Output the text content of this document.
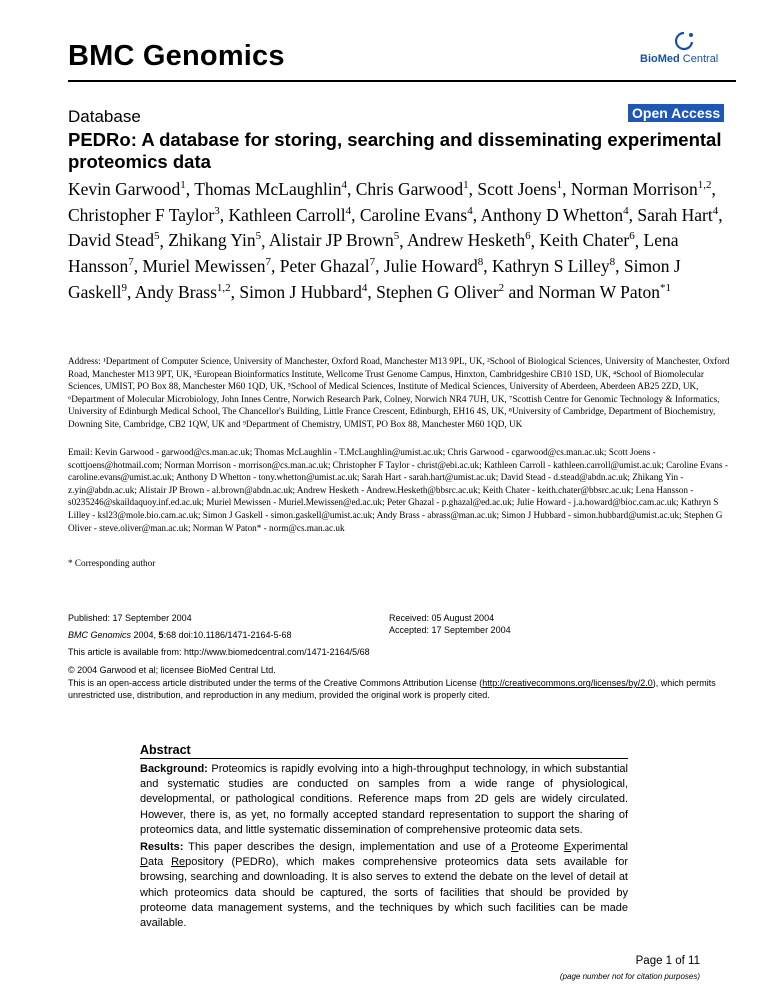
BMC Genomics	BioMed Central
Database	Open Access
PEDRo: A database for storing, searching and disseminating experimental proteomics data

Kevin Garwood$^1$, Thomas McLaughlin$^4$, Chris Garwood$^1$, Scott Joens$^1$, Norman Morrison$^{1,2}$, Christopher F Taylor$^3$, Kathleen Carroll$^4$, Caroline Evans$^4$, Anthony D Whetton$^4$, Sarah Hart$^4$, David Stead$^5$, Zhikang Yin$^5$, Alistair JP Brown$^5$, Andrew Hesketh$^6$, Keith Chater$^6$, Lena Hansson$^7$, Muriel Mewissen$^7$, Peter Ghazal$^7$, Julie Howard$^8$, Kathryn S Lilley$^8$, Simon J Gaskell$^9$, Andy Brass$^{1,2}$, Simon J Hubbard$^4$, Stephen G Oliver$^2$ and Norman W Paton$^{*1}$

Address: ¹Department of Computer Science, University of Manchester, Oxford Road, Manchester M13 9PL, UK, ²School of Biological Sciences, University of Manchester, Oxford Road, Manchester M13 9PT, UK, ³European Bioinformatics Institute, Wellcome Trust Genome Campus, Hinxton, Cambridgeshire CB10 1SD, UK, ⁴School of Biomolecular Sciences, UMIST, PO Box 88, Manchester M60 1QD, UK, ⁵School of Medical Sciences, Institute of Medical Sciences, University of Aberdeen, Aberdeen AB25 2ZD, UK, ⁶Department of Molecular Microbiology, John Innes Centre, Norwich Research Park, Colney, Norwich NR4 7UH, UK, ⁷Scottish Centre for Genomic Technology & Informatics, University of Edinburgh Medical School, The Chancellor's Building, Little France Crescent, Edinburgh, EH16 4S, UK, ⁸University of Cambridge, Department of Biochemistry, Downing Site, Cambridge, CB2 1QW, UK and ⁹Department of Chemistry, UMIST, PO Box 88, Manchester M60 1QD, UK
Email: Kevin Garwood - garwood@cs.man.ac.uk; Thomas McLaughlin - T.McLaughlin@umist.ac.uk; Chris Garwood - cgarwood@cs.man.ac.uk; Scott Joens - scottjoens@hotmail.com; Norman Morrison - morrison@cs.man.ac.uk; Christopher F Taylor - christ@ebi.ac.uk; Kathleen Carroll - kathleen.carroll@umist.ac.uk; Caroline Evans - caroline.evans@umist.ac.uk; Anthony D Whetton - tony.whetton@umist.ac.uk; Sarah Hart - sarah.hart@umist.ac.uk; David Stead - d.stead@abdn.ac.uk; Zhikang Yin - z.yin@abdn.ac.uk; Alistair JP Brown - al.brown@abdn.ac.uk; Andrew Hesketh - Andrew.Hesketh@bbsrc.ac.uk; Keith Chater - keith.chater@bbsrc.ac.uk; Lena Hansson - s0235246@skaildaquoy.inf.ed.ac.uk; Muriel Mewissen - Muriel.Mewissen@ed.ac.uk; Peter Ghazal - p.ghazal@ed.ac.uk; Julie Howard - j.a.howard@bioc.cam.ac.uk; Kathryn S Lilley - ksl23@mole.bio.cam.ac.uk; Simon J Gaskell - simon.gaskell@umist.ac.uk; Andy Brass - abrass@man.ac.uk; Simon J Hubbard - simon.hubbard@umist.ac.uk; Stephen G Oliver - steve.oliver@man.ac.uk; Norman W Paton* - norm@cs.man.ac.uk
* Corresponding author
Published: 17 September 2004	Received: 05 August 2004
Accepted: 17 September 2004
BMC Genomics 2004, 5:68 doi:10.1186/1471-2164-5-68
This article is available from: http://www.biomedcentral.com/1471-2164/5/68
© 2004 Garwood et al; licensee BioMed Central Ltd.
This is an open-access article distributed under the terms of the Creative Commons Attribution License (http://creativecommons.org/licenses/by/2.0), which permits unrestricted use, distribution, and reproduction in any medium, provided the original work is properly cited.
Abstract

Background: Proteomics is rapidly evolving into a high-throughput technology, in which substantial and systematic studies are conducted on samples from a wide range of physiological, developmental, or pathological conditions. Reference maps from 2D gels are widely circulated. However, there is, as yet, no formally accepted standard representation to support the sharing of proteomics data, and little systematic dissemination of comprehensive proteomic data sets.

Results: This paper describes the design, implementation and use of a Proteome Experimental Data Repository (PEDRo), which makes comprehensive proteomics data sets available for browsing, searching and downloading. It is also serves to extend the debate on the level of detail at which proteomics data should be captured, the sorts of facilities that should be provided by proteome data management systems, and the techniques by which such facilities can be made available.

Page 1 of 11
(page number not for citation purposes)
